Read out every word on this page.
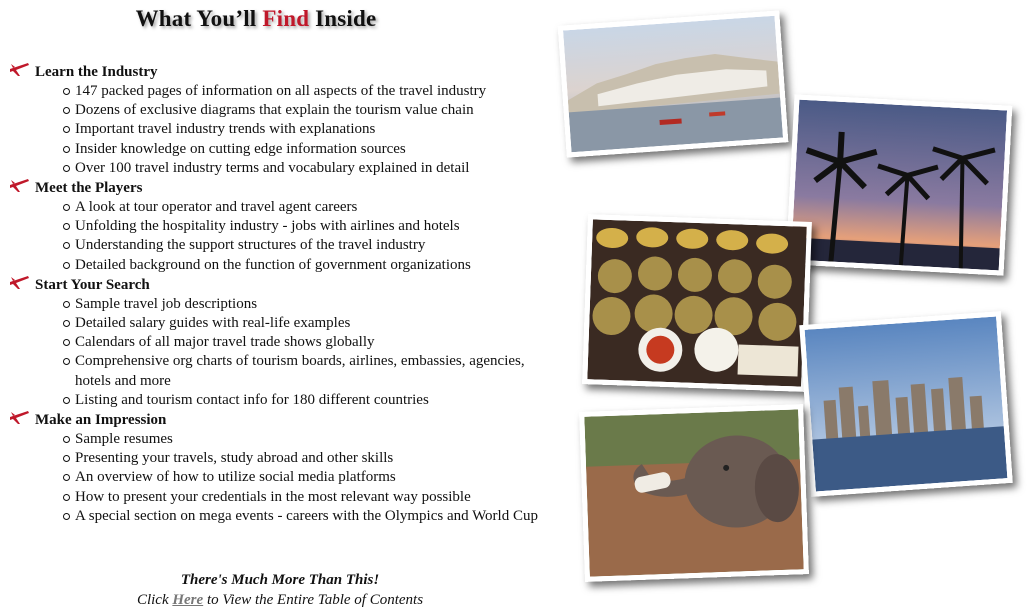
What You’ll Find Inside
Learn the Industry
147 packed pages of information on all aspects of the travel industry
Dozens of exclusive diagrams that explain the tourism value chain
Important travel industry trends with explanations
Insider knowledge on cutting edge information sources
Over 100 travel industry terms and vocabulary explained in detail
Meet the Players
A look at tour operator and travel agent careers
Unfolding the hospitality industry - jobs with airlines and hotels
Understanding the support structures of the travel industry
Detailed background on the function of government organizations
Start Your Search
Sample travel job descriptions
Detailed salary guides with real-life examples
Calendars of all major travel trade shows globally
Comprehensive org charts of tourism boards, airlines, embassies, agencies, hotels and more
Listing and tourism contact info for 180 different countries
Make an Impression
Sample resumes
Presenting your travels, study abroad and other skills
An overview of how to utilize social media platforms
How to present your credentials in the most relevant way possible
A special section on mega events - careers with the Olympics and World Cup
There's Much More Than This!
Click Here to View the Entire Table of Contents
